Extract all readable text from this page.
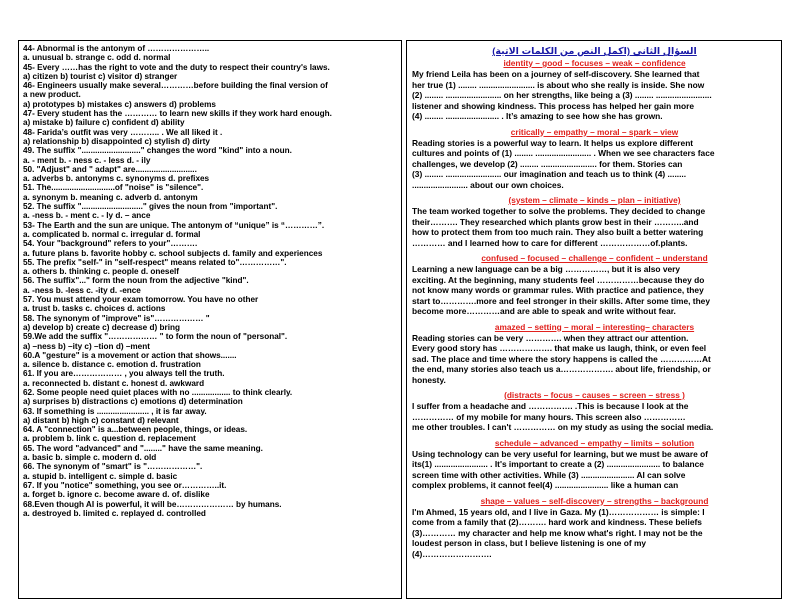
44- Abnormal is the antonym of …………………..
a. unusual b. strange c. odd d. normal
45- Every ……has the right to vote and the duty to respect their country's laws.
a) citizen b) tourist c) visitor d) stranger
46- Engineers usually make several…………before building the final version of
a new product.
a) prototypes b) mistakes c) answers d) problems
47- Every student has the ………… to learn new skills if they work hard enough.
a) mistake b) failure c) confident d) ability
48- Farida’s outfit was very ……….. . We all liked it .
a) relationship b) disappointed c) stylish d) dirty
49. The suffix ".........................." changes the word "kind" into a noun.
a. - ment b. - ness c. - less d. - ily
50. "Adjust" and " adapt" are...........................
a. adverbs b. antonyms c. synonyms d. prefixes
51. The............................of "noise" is "silence".
a. synonym b. meaning c. adverb d. antonym
52. The suffix "..........................." gives the noun from "important".
a. -ness b. - ment c. - ly d. – ance
53- The Earth and the sun are unique. The antonym of “unique” is “…………”.
a. complicated b. normal c. irregular d. formal
54. Your "background" refers to your"……….
a. future plans b. favorite hobby c. school subjects d. family and experiences
55. The prefix "self-" in "self-respect" means related to"……………".
a. others b. thinking c. people d. oneself
56. The suffix"..." form the noun from the adjective "kind".
a. -ness b. -less c. -ity d. -ence
57. You must attend your exam tomorrow. You have no other
a. trust b. tasks c. choices d. actions
58. The synonym of "improve" is"……………… "
a) develop b) create c) decrease d) bring
59.We add the suffix "……………… " to form the noun of "personal".
a) –ness b) –ity c) –tion d) –ment
60.A "gesture" is a movement or action that shows.......
a. silence b. distance c. emotion d. frustration
61. If you are……………… , you always tell the truth.
a. reconnected b. distant c. honest d. awkward
62. Some people need quiet places with no ................. to think clearly.
a) surprises b) distractions c) emotions d) determination
63. If something is ....................... , it is far away.
a) distant b) high c) constant d) relevant
64. A "connection" is a...between people, things, or ideas.
a. problem b. link c. question d. replacement
65. The word "advanced" and "........" have the same meaning.
a. basic b. simple c. modern d. old
66. The synonym of "smart" is "………………".
a. stupid b. intelligent c. simple d. basic
67. If you "notice" something, you see or…………..it.
a. forget b. ignore c. become aware d. of. dislike
68.Even though AI is powerful, it will be………………… by humans.
a. destroyed b. limited c. replayed d. controlled
السؤال الثاني (اكمل النص من الكلمات الاتية)
identity – good – focuses – weak – confidence
My friend Leila has been on a journey of self-discovery. She learned that
her true (1) ........ ........................ is about who she really is inside. She now
(2) ........ ........................ on her strengths, like being a (3) ........ ........................
listener and showing kindness. This process has helped her gain more
(4) ........ ....................... . It’s amazing to see how she has grown.
critically – empathy – moral – spark – view
Reading stories is a powerful way to learn. It helps us explore different
cultures and points of (1) ........ ........................ . When we see characters face
challenges, we develop (2) ........ ........................ for them. Stories can
(3) ........ ........................ our imagination and teach us to think (4) ........
........................ about our own choices.
(system – climate – kinds – plan – initiative)
The team worked together to solve the problems. They decided to change
their………. They researched which plants grow best in their ………..and
how to protect them from too much rain. They also built a better watering
………… and I learned how to care for different ………………of.plants.
confused – focused – challenge – confident – understand
Learning a new language can be a big ……………, but it is also very
exciting. At the beginning, many students feel ……………because they do
not know many words or grammar rules. With practice and patience, they
start to………….more and feel stronger in their skills. After some time, they
become more…………and are able to speak and write without fear.
amazed – setting – moral – interesting– characters
Reading stories can be very …………. when they attract our attention.
Every good story has ………………. that make us laugh, think, or even feel
sad. The place and time where the story happens is called the ……………At
the end, many stories also teach us a………………. about life, friendship, or
honesty.
(distracts – focus – causes – screen – stress )
I suffer from a headache and ……………. .This is because I look at the
…………… of my mobile for many hours. This screen also ……………
me other troubles. I can't …………… on my study as using the social media.
schedule – advanced – empathy – limits – solution
Using technology can be very useful for learning, but we must be aware of
its(1) ....................... . It's important to create a (2) ....................... to balance
screen time with other activities. While (3) ....................... AI can solve
complex problems, it cannot feel(4) ....................... like a human can
shape – values – self-discovery – strengths – background
I'm Ahmed, 15 years old, and I live in Gaza. My (1)……………… is simple: I
come from a family that (2)………. hard work and kindness. These beliefs
(3)………… my character and help me know what's right. I may not be the
loudest person in class, but I believe listening is one of my
(4)…………………….
